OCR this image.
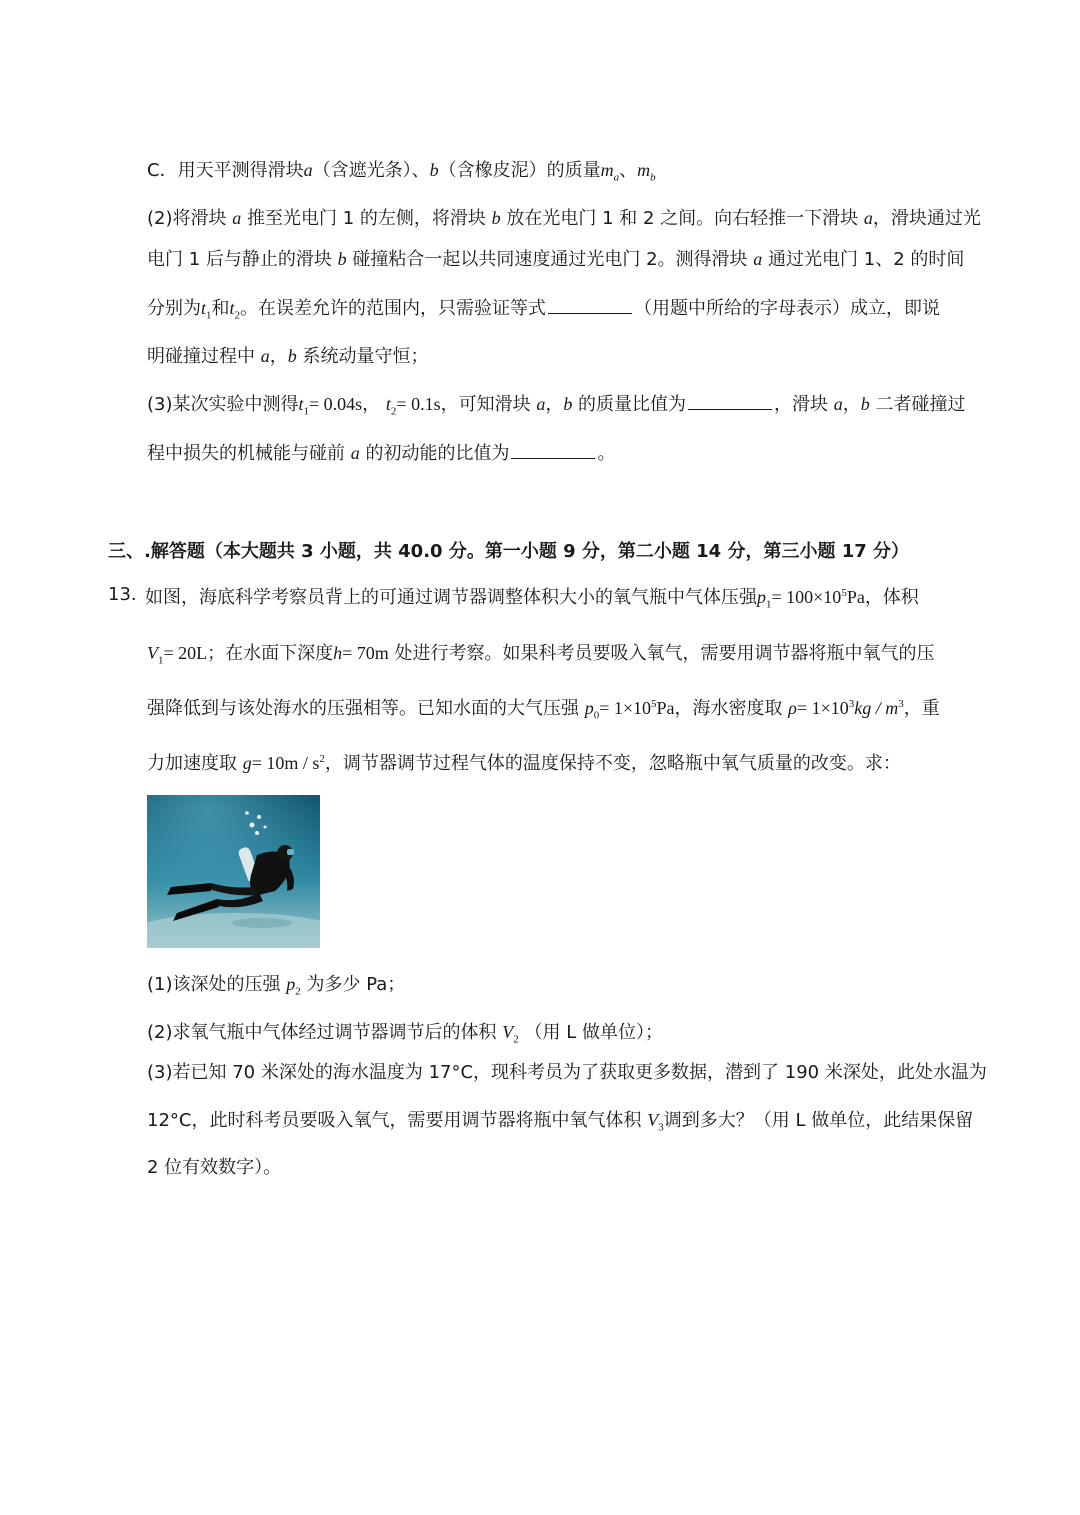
C．用天平测得滑块a（含遮光条）、b（含橡皮泥）的质量$m_a$、$m_b$
(2)将滑块 a 推至光电门 1 的左侧，将滑块 b 放在光电门 1 和 2 之间。向右轻推一下滑块 a，滑块通过光
电门 1 后与静止的滑块 b 碰撞粘合一起以共同速度通过光电门 2。测得滑块 a 通过光电门 1、2 的时间
分别为$t_1$和$t_2$。在误差允许的范围内，只需验证等式	（用题中所给的字母表示）成立，即说
明碰撞过程中 a，b 系统动量守恒；
(3)某次实验中测得$t_1= 0.04s$， $t_2= 0.1s$，可知滑块 a，b 的质量比值为	，滑块 a，b 二者碰撞过
程中损失的机械能与碰前 a 的初动能的比值为	。
三、.解答题（本大题共 3 小题，共 40.0 分。第一小题 9 分，第二小题 14 分，第三小题 17 分）
13. 如图，海底科学考察员背上的可通过调节器调整体积大小的氧气瓶中气体压强$p_1= 100\times 10^5Pa$，体积
$V_1= 20L$；在水面下深度h= 70m 处进行考察。如果科考员要吸入氧气，需要用调节器将瓶中氧气的压
强降低到与该处海水的压强相等。已知水面的大气压强 $p_0= 1\times 10^5Pa$，海水密度取 $\rho= 1\times 10^3kg / m^3$，重
力加速度取 $g= 10m / s^2$，调节器调节过程气体的温度保持不变，忽略瓶中氧气质量的改变。求：
(1)该深处的压强 $p_2$ 为多少 Pa；
(2)求氧气瓶中气体经过调节器调节后的体积 $V_2$ （用 L 做单位）；
(3)若已知 70 米深处的海水温度为 17°C，现科考员为了获取更多数据，潜到了 190 米深处，此处水温为
12°C，此时科考员要吸入氧气，需要用调节器将瓶中氧气体积 $V_3$调到多大？（用 L 做单位，此结果保留
2 位有效数字）。
